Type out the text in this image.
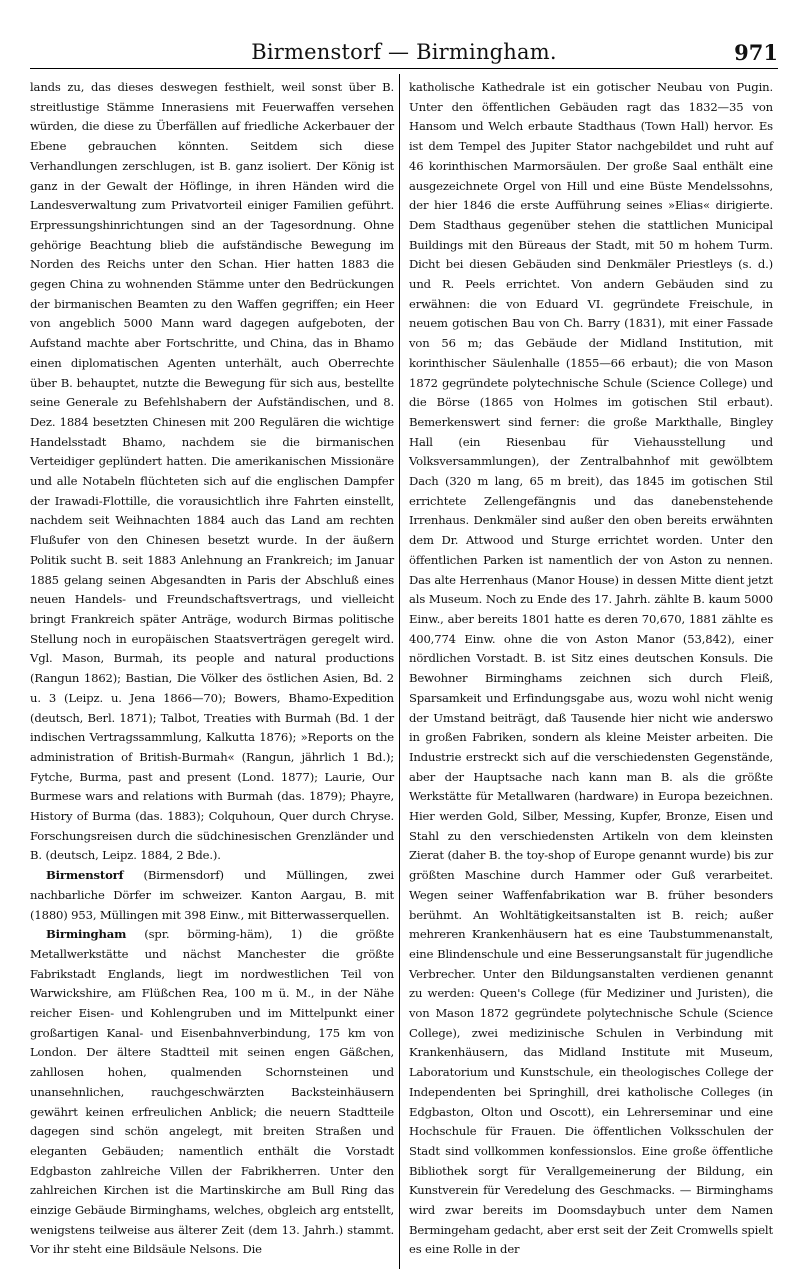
Birmenstorf — Birmingham.	971

lands zu, das dieses deswegen festhielt, weil sonst über B. streitlustige Stämme Innerasiens mit Feuerwaffen versehen würden, die diese zu Überfällen auf friedliche Ackerbauer der Ebene gebrauchen könnten. Seitdem sich diese Verhandlungen zerschlugen, ist B. ganz isoliert. Der König ist ganz in der Gewalt der Höflinge, in ihren Händen wird die Landesverwaltung zum Privatvorteil einiger Familien geführt. Erpressungshinrichtungen sind an der Tagesordnung. Ohne gehörige Beachtung blieb die aufständische Bewegung im Norden des Reichs unter den Schan. Hier hatten 1883 die gegen China zu wohnenden Stämme unter den Bedrückungen der birmanischen Beamten zu den Waffen gegriffen; ein Heer von angeblich 5000 Mann ward dagegen aufgeboten, der Aufstand machte aber Fortschritte, und China, das in Bhamo einen diplomatischen Agenten unterhält, auch Oberrechte über B. behauptet, nutzte die Bewegung für sich aus, bestellte seine Generale zu Befehlshabern der Aufständischen, und 8. Dez. 1884 besetzten Chinesen mit 200 Regulären die wichtige Handelsstadt Bhamo, nachdem sie die birmanischen Verteidiger geplündert hatten. Die amerikanischen Missionäre und alle Notabeln flüchteten sich auf die englischen Dampfer der Irawadi-Flottille, die vorausichtlich ihre Fahrten einstellt, nachdem seit Weihnachten 1884 auch das Land am rechten Flußufer von den Chinesen besetzt wurde. In der äußern Politik sucht B. seit 1883 Anlehnung an Frankreich; im Januar 1885 gelang seinen Abgesandten in Paris der Abschluß eines neuen Handels- und Freundschaftsvertrags, und vielleicht bringt Frankreich später Anträge, wodurch Birmas politische Stellung noch in europäischen Staatsverträgen geregelt wird. Vgl. Mason, Burmah, its people and natural productions (Rangun 1862); Bastian, Die Völker des östlichen Asien, Bd. 2 u. 3 (Leipz. u. Jena 1866—70); Bowers, Bhamo-Expedition (deutsch, Berl. 1871); Talbot, Treaties with Burmah (Bd. 1 der indischen Vertragssammlung, Kalkutta 1876); »Reports on the administration of British-Burmah« (Rangun, jährlich 1 Bd.); Fytche, Burma, past and present (Lond. 1877); Laurie, Our Burmese wars and relations with Burmah (das. 1879); Phayre, History of Burma (das. 1883); Colquhoun, Quer durch Chryse. Forschungsreisen durch die südchinesischen Grenzländer und B. (deutsch, Leipz. 1884, 2 Bde.).

Birmenstorf (Birmensdorf) und Müllingen, zwei nachbarliche Dörfer im schweizer. Kanton Aargau, B. mit (1880) 953, Müllingen mit 398 Einw., mit Bitterwasserquellen.

Birmingham (spr. börming-häm), 1) die größte Metallwerkstätte und nächst Manchester die größte Fabrikstadt Englands, liegt im nordwestlichen Teil von Warwickshire, am Flüßchen Rea, 100 m ü. M., in der Nähe reicher Eisen- und Kohlengruben und im Mittelpunkt einer großartigen Kanal- und Eisenbahnverbindung, 175 km von London. Der ältere Stadtteil mit seinen engen Gäßchen, zahllosen hohen, qualmenden Schornsteinen und unansehnlichen, rauchgeschwärzten Backsteinhäusern gewährt keinen erfreulichen Anblick; die neuern Stadtteile dagegen sind schön angelegt, mit breiten Straßen und eleganten Gebäuden; namentlich enthält die Vorstadt Edgbaston zahlreiche Villen der Fabrikherren. Unter den zahlreichen Kirchen ist die Martinskirche am Bull Ring das einzige Gebäude Birminghams, welches, obgleich arg entstellt, wenigstens teilweise aus älterer Zeit (dem 13. Jahrh.) stammt. Vor ihr steht eine Bildsäule Nelsons. Die

katholische Kathedrale ist ein gotischer Neubau von Pugin. Unter den öffentlichen Gebäuden ragt das 1832—35 von Hansom und Welch erbaute Stadthaus (Town Hall) hervor. Es ist dem Tempel des Jupiter Stator nachgebildet und ruht auf 46 korinthischen Marmorsäulen. Der große Saal enthält eine ausgezeichnete Orgel von Hill und eine Büste Mendelssohns, der hier 1846 die erste Aufführung seines »Elias« dirigierte. Dem Stadthaus gegenüber stehen die stattlichen Municipal Buildings mit den Büreaus der Stadt, mit 50 m hohem Turm. Dicht bei diesen Gebäuden sind Denkmäler Priestleys (s. d.) und R. Peels errichtet. Von andern Gebäuden sind zu erwähnen: die von Eduard VI. gegründete Freischule, in neuem gotischen Bau von Ch. Barry (1831), mit einer Fassade von 56 m; das Gebäude der Midland Institution, mit korinthischer Säulenhalle (1855—66 erbaut); die von Mason 1872 gegründete polytechnische Schule (Science College) und die Börse (1865 von Holmes im gotischen Stil erbaut). Bemerkenswert sind ferner: die große Markthalle, Bingley Hall (ein Riesenbau für Viehausstellung und Volksversammlungen), der Zentralbahnhof mit gewölbtem Dach (320 m lang, 65 m breit), das 1845 im gotischen Stil errichtete Zellengefängnis und das danebenstehende Irrenhaus. Denkmäler sind außer den oben bereits erwähnten dem Dr. Attwood und Sturge errichtet worden. Unter den öffentlichen Parken ist namentlich der von Aston zu nennen. Das alte Herrenhaus (Manor House) in dessen Mitte dient jetzt als Museum. Noch zu Ende des 17. Jahrh. zählte B. kaum 5000 Einw., aber bereits 1801 hatte es deren 70,670, 1881 zählte es 400,774 Einw. ohne die von Aston Manor (53,842), einer nördlichen Vorstadt. B. ist Sitz eines deutschen Konsuls. Die Bewohner Birminghams zeichnen sich durch Fleiß, Sparsamkeit und Erfindungsgabe aus, wozu wohl nicht wenig der Umstand beiträgt, daß Tausende hier nicht wie anderswo in großen Fabriken, sondern als kleine Meister arbeiten. Die Industrie erstreckt sich auf die verschiedensten Gegenstände, aber der Hauptsache nach kann man B. als die größte Werkstätte für Metallwaren (hardware) in Europa bezeichnen. Hier werden Gold, Silber, Messing, Kupfer, Bronze, Eisen und Stahl zu den verschiedensten Artikeln von dem kleinsten Zierat (daher B. the toy-shop of Europe genannt wurde) bis zur größten Maschine durch Hammer oder Guß verarbeitet. Wegen seiner Waffenfabrikation war B. früher besonders berühmt. An Wohltätigkeitsanstalten ist B. reich; außer mehreren Krankenhäusern hat es eine Taubstummenanstalt, eine Blindenschule und eine Besserungsanstalt für jugendliche Verbrecher. Unter den Bildungsanstalten verdienen genannt zu werden: Queen's College (für Mediziner und Juristen), die von Mason 1872 gegründete polytechnische Schule (Science College), zwei medizinische Schulen in Verbindung mit Krankenhäusern, das Midland Institute mit Museum, Laboratorium und Kunstschule, ein theologisches College der Independenten bei Springhill, drei katholische Colleges (in Edgbaston, Olton und Oscott), ein Lehrerseminar und eine Hochschule für Frauen. Die öffentlichen Volksschulen der Stadt sind vollkommen konfessionslos. Eine große öffentliche Bibliothek sorgt für Verallgemeinerung der Bildung, ein Kunstverein für Veredelung des Geschmacks. — Birminghams wird zwar bereits im Doomsdaybuch unter dem Namen Bermingeham gedacht, aber erst seit der Zeit Cromwells spielt es eine Rolle in der
